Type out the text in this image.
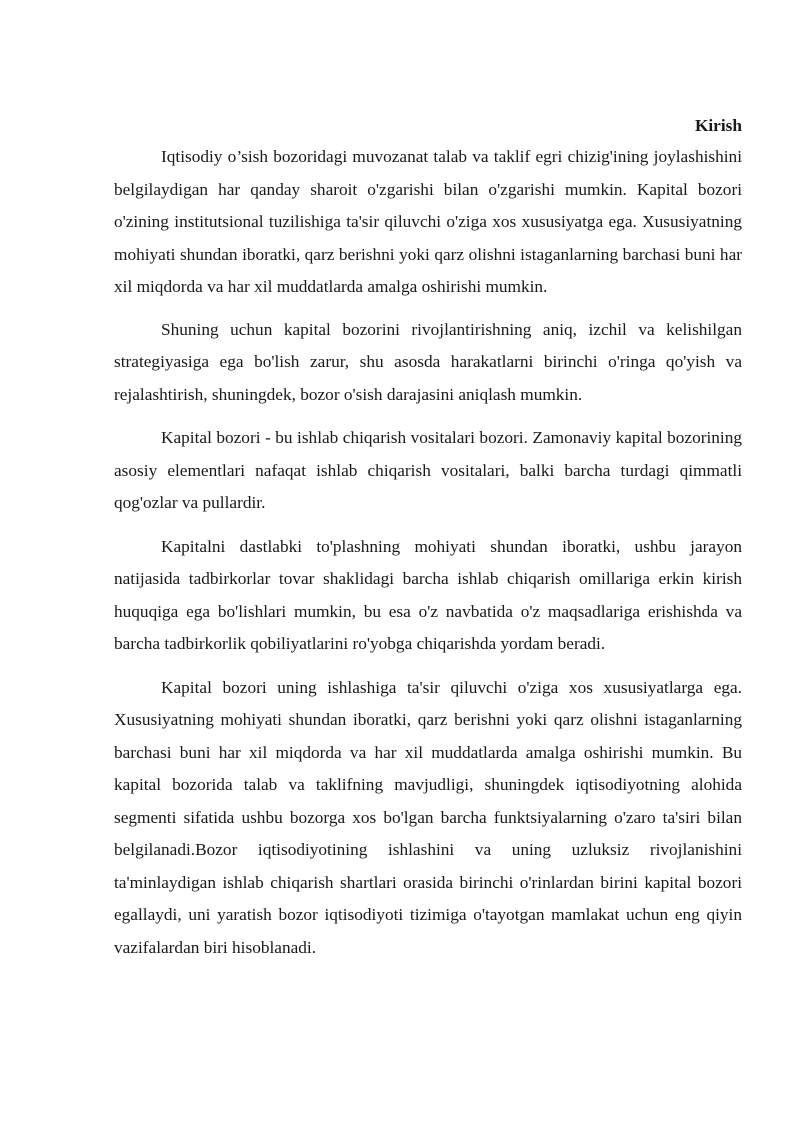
Kirish

Iqtisodiy o’sish bozoridagi muvozanat talab va taklif egri chizig'ining joylashishini belgilaydigan har qanday sharoit o'zgarishi bilan o'zgarishi mumkin. Kapital bozori o'zining institutsional tuzilishiga ta'sir qiluvchi o'ziga xos xususiyatga ega. Xususiyatning mohiyati shundan iboratki, qarz berishni yoki qarz olishni istaganlarning barchasi buni har xil miqdorda va har xil muddatlarda amalga oshirishi mumkin.

Shuning uchun kapital bozorini rivojlantirishning aniq, izchil va kelishilgan strategiyasiga ega bo'lish zarur, shu asosda harakatlarni birinchi o'ringa qo'yish va rejalashtirish, shuningdek, bozor o'sish darajasini aniqlash mumkin.

Kapital bozori - bu ishlab chiqarish vositalari bozori. Zamonaviy kapital bozorining asosiy elementlari nafaqat ishlab chiqarish vositalari, balki barcha turdagi qimmatli qog'ozlar va pullardir.

Kapitalni dastlabki to'plashning mohiyati shundan iboratki, ushbu jarayon natijasida tadbirkorlar tovar shaklidagi barcha ishlab chiqarish omillariga erkin kirish huquqiga ega bo'lishlari mumkin, bu esa o'z navbatida o'z maqsadlariga erishishda va barcha tadbirkorlik qobiliyatlarini ro'yobga chiqarishda yordam beradi.

Kapital bozori uning ishlashiga ta'sir qiluvchi o'ziga xos xususiyatlarga ega. Xususiyatning mohiyati shundan iboratki, qarz berishni yoki qarz olishni istaganlarning barchasi buni har xil miqdorda va har xil muddatlarda amalga oshirishi mumkin. Bu kapital bozorida talab va taklifning mavjudligi, shuningdek iqtisodiyotning alohida segmenti sifatida ushbu bozorga xos bo'lgan barcha funktsiyalarning o'zaro ta'siri bilan belgilanadi.Bozor iqtisodiyotining ishlashini va uning uzluksiz rivojlanishini ta'minlaydigan ishlab chiqarish shartlari orasida birinchi o'rinlardan birini kapital bozori egallaydi, uni yaratish bozor iqtisodiyoti tizimiga o'tayotgan mamlakat uchun eng qiyin vazifalardan biri hisoblanadi.
